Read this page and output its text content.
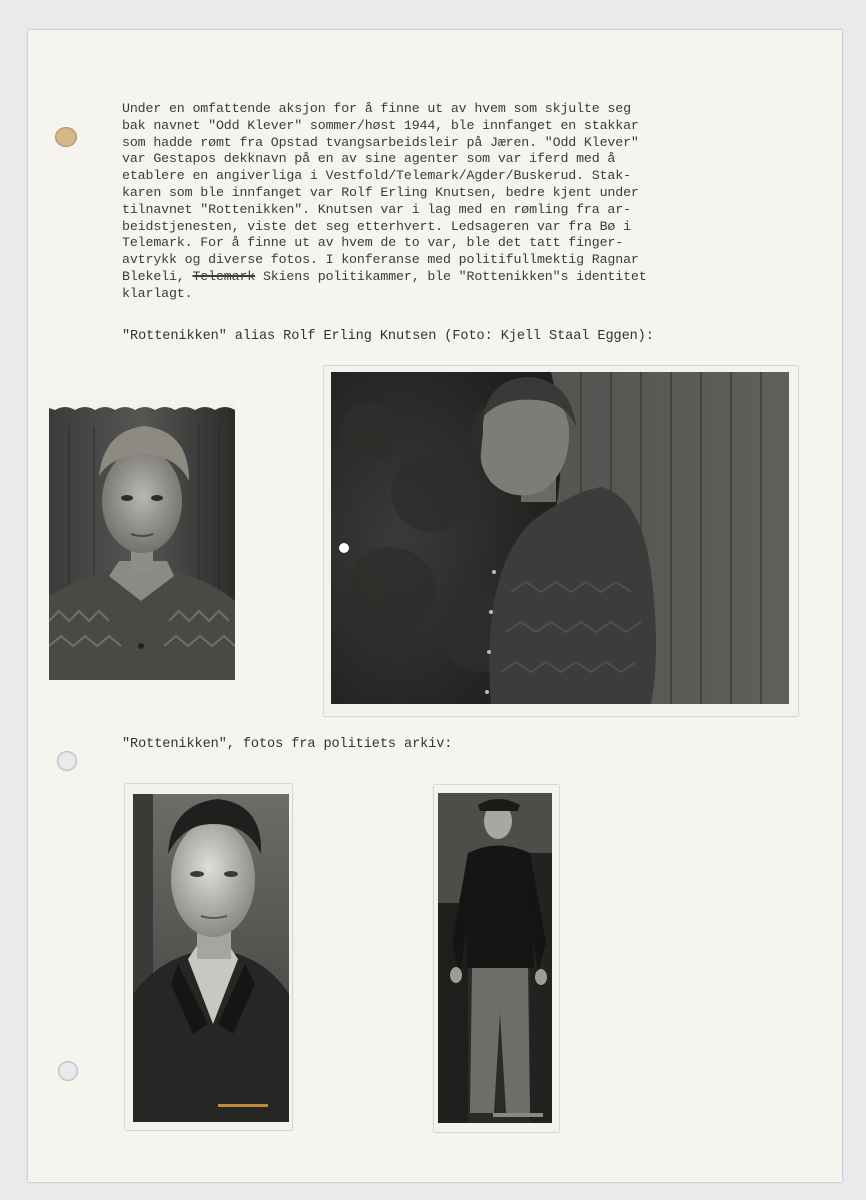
Under en omfattende aksjon for å finne ut av hvem som skjulte seg
bak navnet "Odd Klever" sommer/høst 1944, ble innfanget en stakkar
som hadde rømt fra Opstad tvangsarbeidsleir på Jæren. "Odd Klever"
var Gestapos dekknavn på en av sine agenter som var iferd med å
etablere en angiverliga i Vestfold/Telemark/Agder/Buskerud. Stak-
karen som ble innfanget var Rolf Erling Knutsen, bedre kjent under
tilnavnet "Rottenikken". Knutsen var i lag med en rømling fra ar-
beidstjenesten, viste det seg etterhvert. Ledsageren var fra Bø i
Telemark. For å finne ut av hvem de to var, ble det tatt finger-
avtrykk og diverse fotos. I konferanse med politifullmektig Ragnar
Blekeli, Telemark Skiens politikammer, ble "Rottenikken"s identitet
klarlagt.
"Rottenikken" alias Rolf Erling Knutsen (Foto: Kjell Staal Eggen):
"Rottenikken", fotos fra politiets arkiv:
